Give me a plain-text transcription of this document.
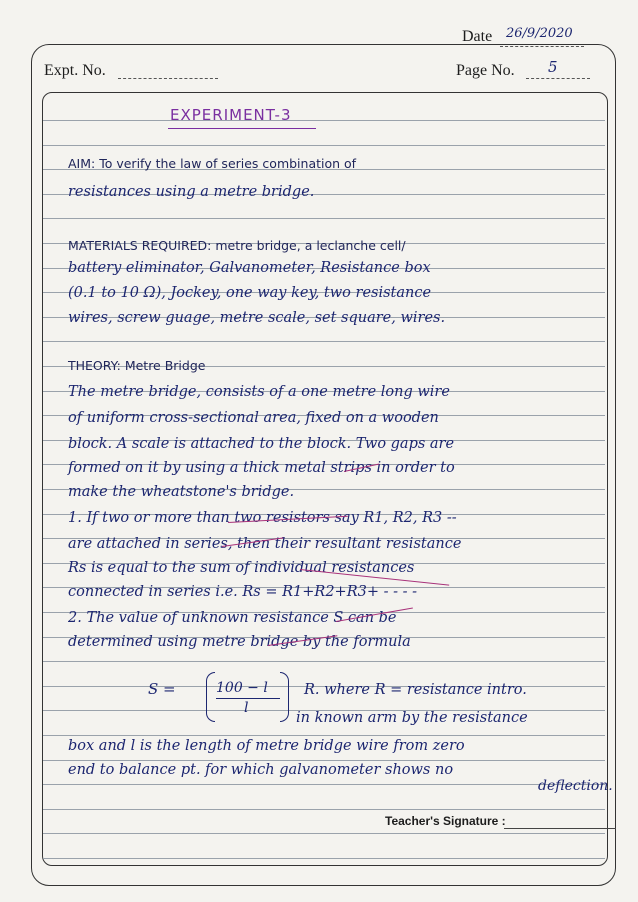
Date 26/9/2020
Expt. No.	Page No. 5
EXPERIMENT-3
AIM: To verify the law of series combination of
resistances using a metre bridge.
MATERIALS REQUIRED: metre bridge, a leclanche cell/
battery eliminator, Galvanometer, Resistance box
(0.1 to 10 Ω), Jockey, one way key, two resistance
wires, screw guage, metre scale, set square, wires.
THEORY: Metre Bridge
The metre bridge, consists of a one metre long wire
of uniform cross-sectional area, fixed on a wooden
block. A scale is attached to the block. Two gaps are
formed on it by using a thick metal strips in order to
make the wheatstone's bridge.
1. If two or more than two resistors say R1, R2, R3 --
are attached in series, then their resultant resistance
Rs is equal to the sum of individual resistances
connected in series i.e. Rs = R1+R2+R3+ - - - -
2. The value of unknown resistance S can be
determined using metre bridge by the formula
S =	100 − l
l
R. where R = resistance intro.
in known arm by the resistance
box and l is the length of metre bridge wire from zero
end to balance pt. for which galvanometer shows no
deflection.
Teacher's Signature :
